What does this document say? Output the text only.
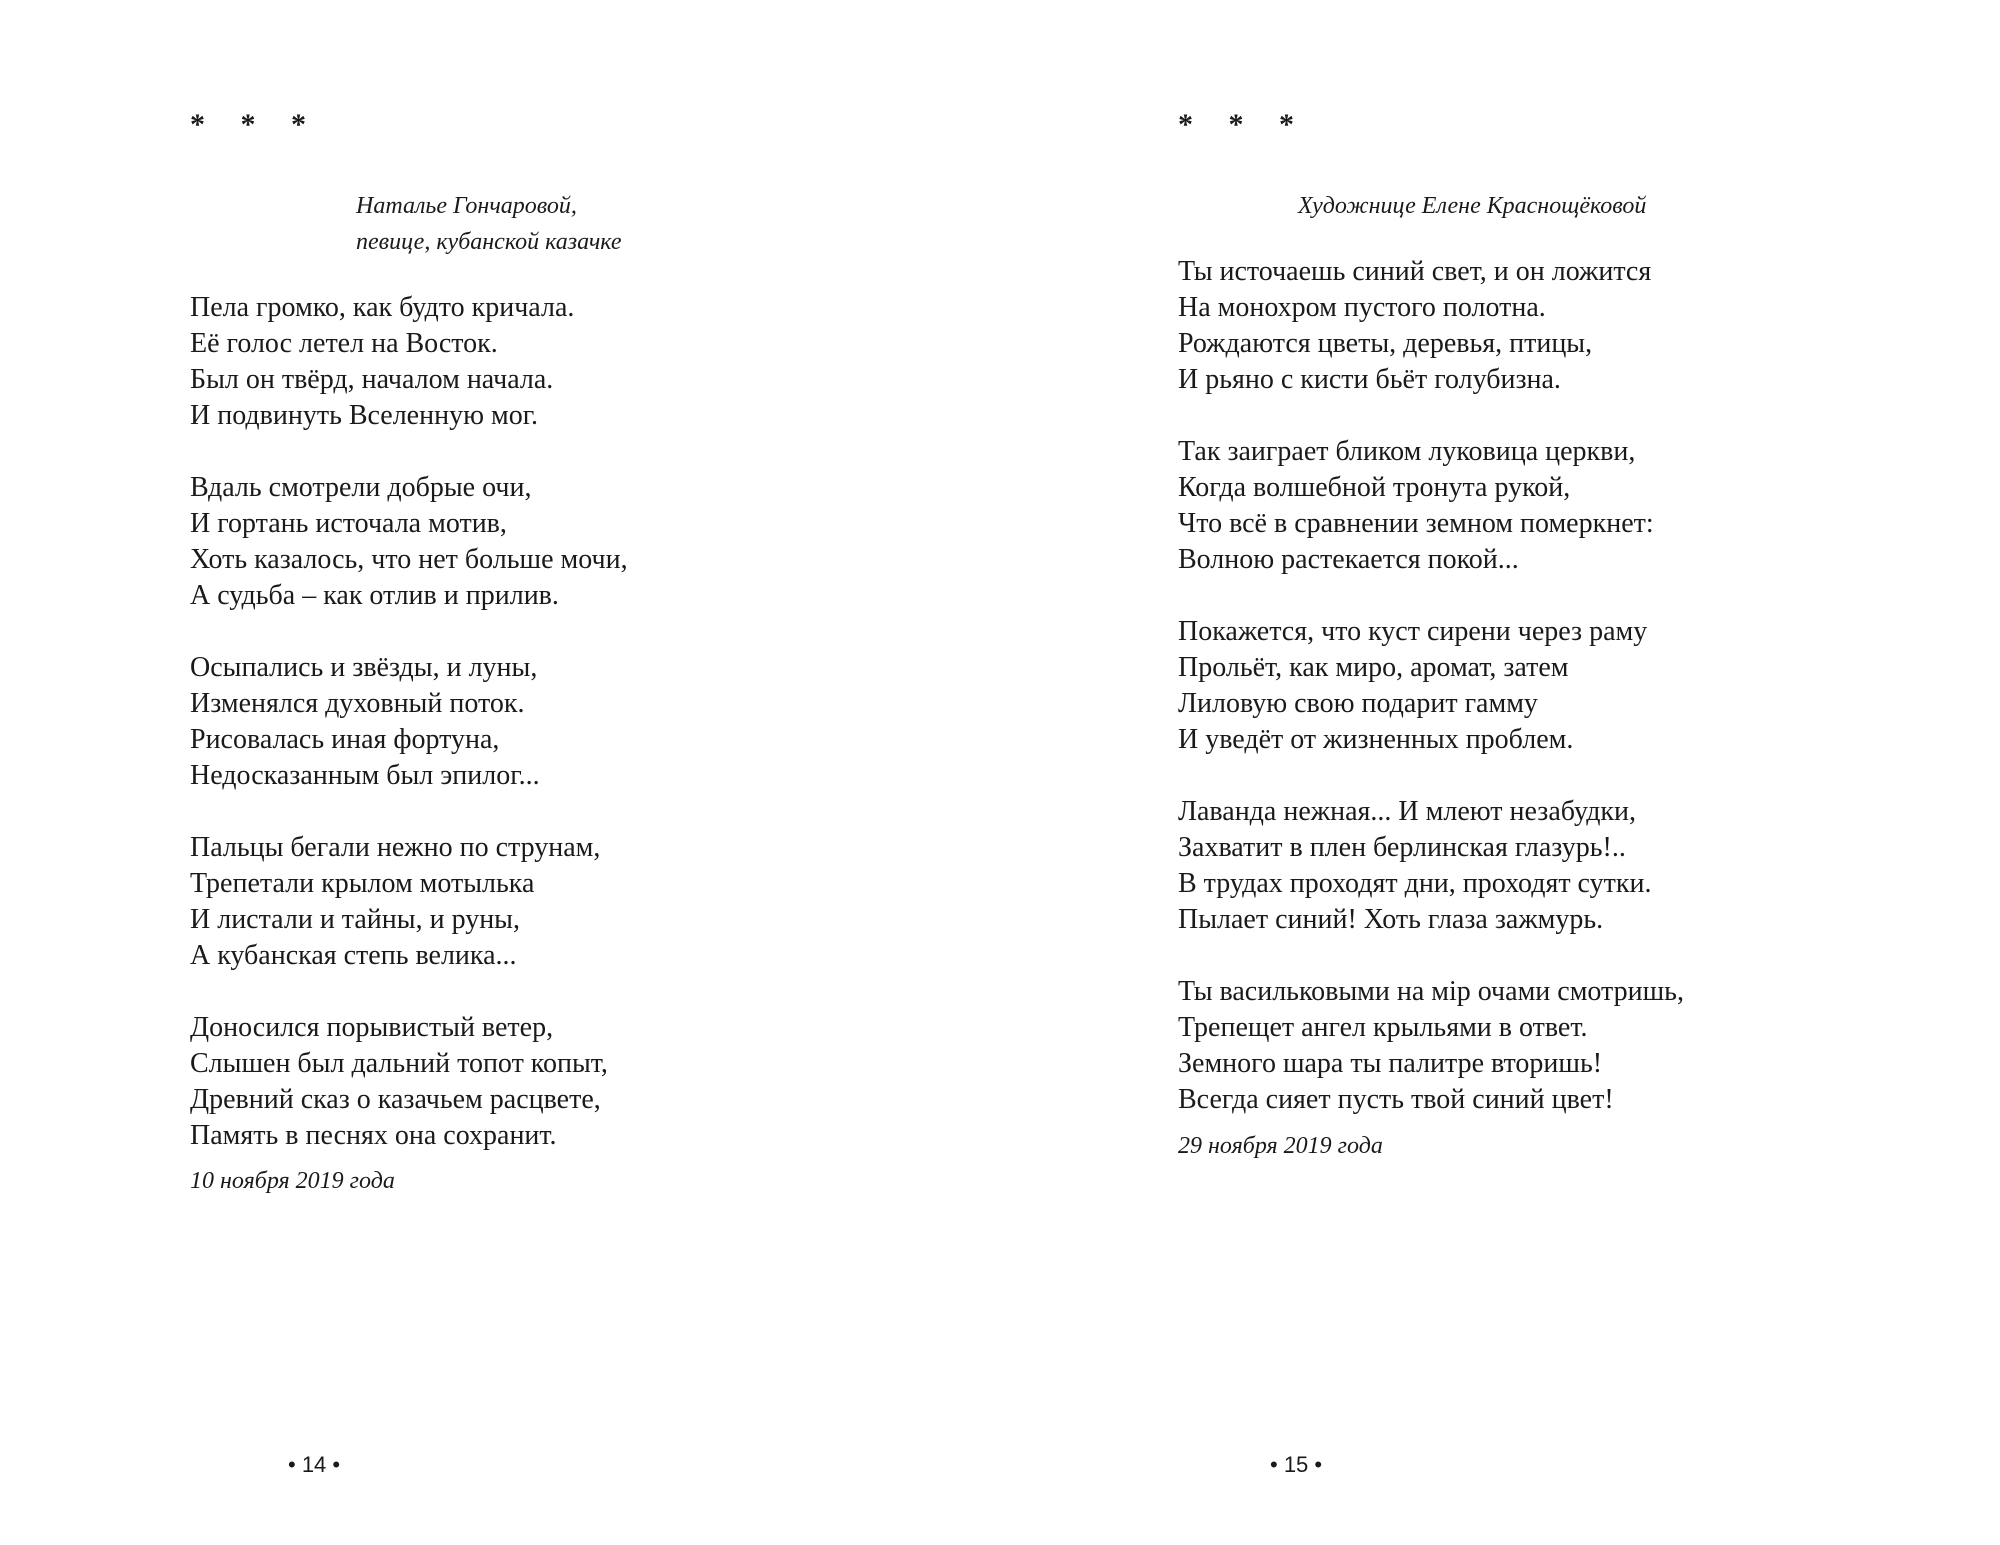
* * *
Наталье Гончаровой,
певице, кубанской казачке
Пела громко, как будто кричала.
Её голос летел на Восток.
Был он твёрд, началом начала.
И подвинуть Вселенную мог.
Вдаль смотрели добрые очи,
И гортань источала мотив,
Хоть казалось, что нет больше мочи,
А судьба – как отлив и прилив.
Осыпались и звёзды, и луны,
Изменялся духовный поток.
Рисовалась иная фортуна,
Недосказанным был эпилог...
Пальцы бегали нежно по струнам,
Трепетали крылом мотылька
И листали и тайны, и руны,
А кубанская степь велика...
Доносился порывистый ветер,
Слышен был дальний топот копыт,
Древний сказ о казачьем расцвете,
Память в песнях она сохранит.
10 ноября 2019 года
• 14 •
* * *
Художнице Елене Краснощёковой
Ты источаешь синий свет, и он ложится
На монохром пустого полотна.
Рождаются цветы, деревья, птицы,
И рьяно с кисти бьёт голубизна.
Так заиграет бликом луковица церкви,
Когда волшебной тронута рукой,
Что всё в сравнении земном померкнет:
Волною растекается покой...
Покажется, что куст сирени через раму
Прольёт, как миро, аромат, затем
Лиловую свою подарит гамму
И уведёт от жизненных проблем.
Лаванда нежная... И млеют незабудки,
Захватит в плен берлинская глазурь!..
В трудах проходят дни, проходят сутки.
Пылает синий! Хоть глаза зажмурь.
Ты васильковыми на мір очами смотришь,
Трепещет ангел крыльями в ответ.
Земного шара ты палитре вторишь!
Всегда сияет пусть твой синий цвет!
29 ноября 2019 года
• 15 •
